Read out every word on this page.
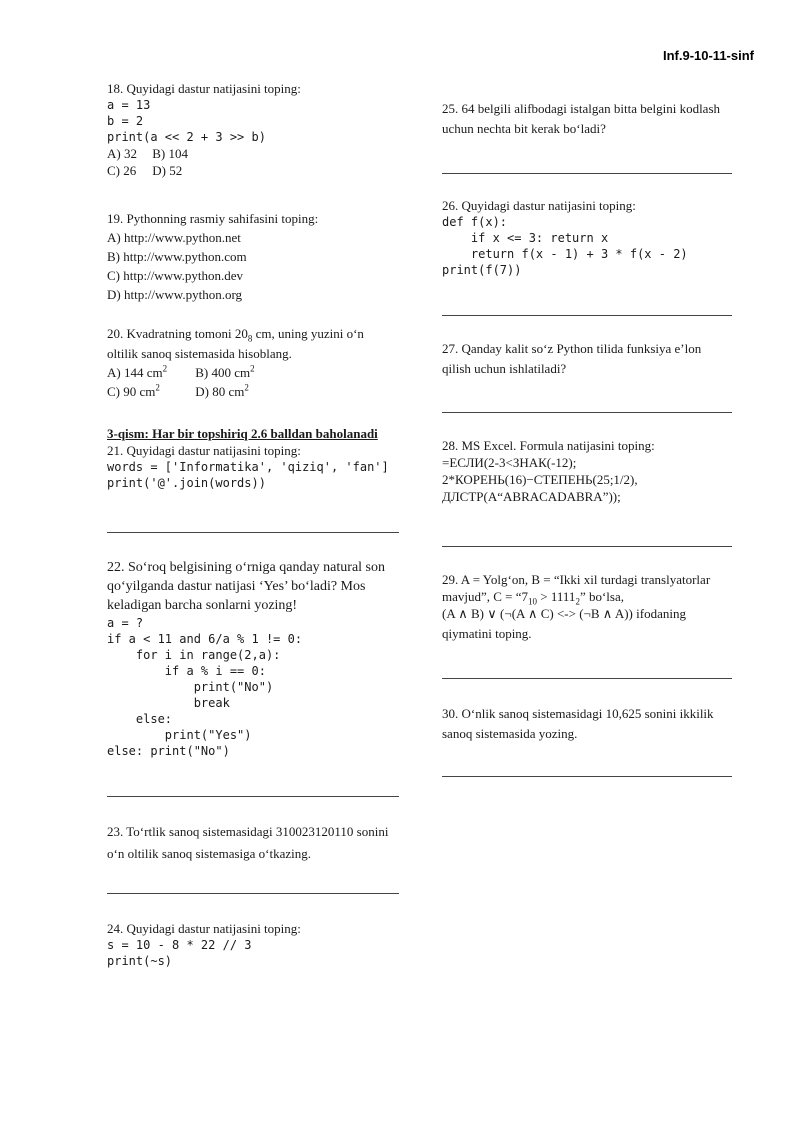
Inf.9-10-11-sinf
18. Quyidagi dastur natijasini toping:
a = 13
b = 2
print(a << 2 + 3 >> b)
A) 32 B) 104
C) 26 D) 52
19. Pythonning rasmiy sahifasini toping:
A) http://www.python.net
B) http://www.python.com
C) http://www.python.dev
D) http://www.python.org
20. Kvadratning tomoni $20_8$ cm, uning yuzini o‘n
oltilik sanoq sistemasida hisoblang.
A) 144 $cm^2$ B) 400 $cm^2$
C) 90 $cm^2$	D) 80 $cm^2$
3-qism: Har bir topshiriq 2.6 balldan baholanadi
21. Quyidagi dastur natijasini toping:
words = ['Informatika', 'qiziq', 'fan']
print('@'.join(words))
22. So‘roq belgisining o‘rniga qanday natural son
qo‘yilganda dastur natijasi ‘Yes’ bo‘ladi? Mos
keladigan barcha sonlarni yozing!
a = ?
if a < 11 and 6/a % 1 != 0:
for i in range(2,a):
if a % i == 0:
print("No")
break
else:
print("Yes")
else: print("No")
23. To‘rtlik sanoq sistemasidagi 310023120110 sonini
o‘n oltilik sanoq sistemasiga o‘tkazing.
24. Quyidagi dastur natijasini toping:
s = 10 - 8 * 22 // 3
print(~s)
25. 64 belgili alifbodagi istalgan bitta belgini kodlash
uchun nechta bit kerak bo‘ladi?
26. Quyidagi dastur natijasini toping:
def f(x):
if x <= 3: return x
return f(x - 1) + 3 * f(x - 2)
print(f(7))
27. Qanday kalit so‘z Python tilida funksiya e’lon
qilish uchun ishlatiladi?
28. MS Excel. Formula natijasini toping:
=ЕСЛИ(2-3<ЗНАК(-12);
2*КОРЕНЬ(16)−СТЕПЕНЬ(25;1/2),
ДЛСТР(A“ABRACADABRA”));
29. A = Yolg‘on, B = “Ikki xil turdagi translyatorlar
mavjud”, $C = “7_{10} > 1111_2$” bo‘lsa,
(A ∧ B) ∨ (¬(A ∧ C) <-> (¬B ∧ A)) ifodaning
qiymatini toping.
30. O‘nlik sanoq sistemasidagi 10,625 sonini ikkilik
sanoq sistemasida yozing.
